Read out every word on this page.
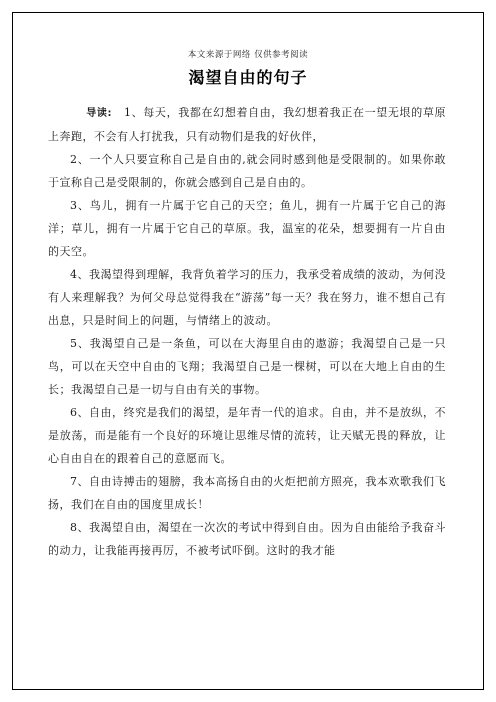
本文来源于网络 仅供参考阅读
渴望自由的句子

导读: 1、每天，我都在幻想着自由，我幻想着我正在一望无垠的草原上奔跑，不会有人打扰我，只有动物们是我的好伙伴，

2、一个人只要宣称自己是自由的,就会同时感到他是受限制的。如果你敢于宣称自己是受限制的，你就会感到自己是自由的。

3、鸟儿，拥有一片属于它自己的天空；鱼儿，拥有一片属于它自己的海洋；草儿，拥有一片属于它自己的草原。我，温室的花朵，想要拥有一片自由的天空。

4、我渴望得到理解，我背负着学习的压力，我承受着成绩的波动，为何没有人来理解我？为何父母总觉得我在“游荡”每一天？我在努力，谁不想自己有出息，只是时间上的问题，与情绪上的波动。

5、我渴望自己是一条鱼，可以在大海里自由的遨游；我渴望自己是一只鸟，可以在天空中自由的飞翔；我渴望自己是一棵树，可以在大地上自由的生长；我渴望自己是一切与自由有关的事物。

6、自由，终究是我们的渴望，是年青一代的追求。自由，并不是放纵，不是放荡，而是能有一个良好的环境让思维尽情的流转，让天赋无畏的释放，让心自由自在的跟着自己的意愿而飞。

7、自由诗搏击的翅膀，我本高扬自由的火炬把前方照亮，我本欢歌我们飞扬，我们在自由的国度里成长！

8、我渴望自由，渴望在一次次的考试中得到自由。因为自由能给予我奋斗的动力，让我能再接再厉，不被考试吓倒。这时的我才能
